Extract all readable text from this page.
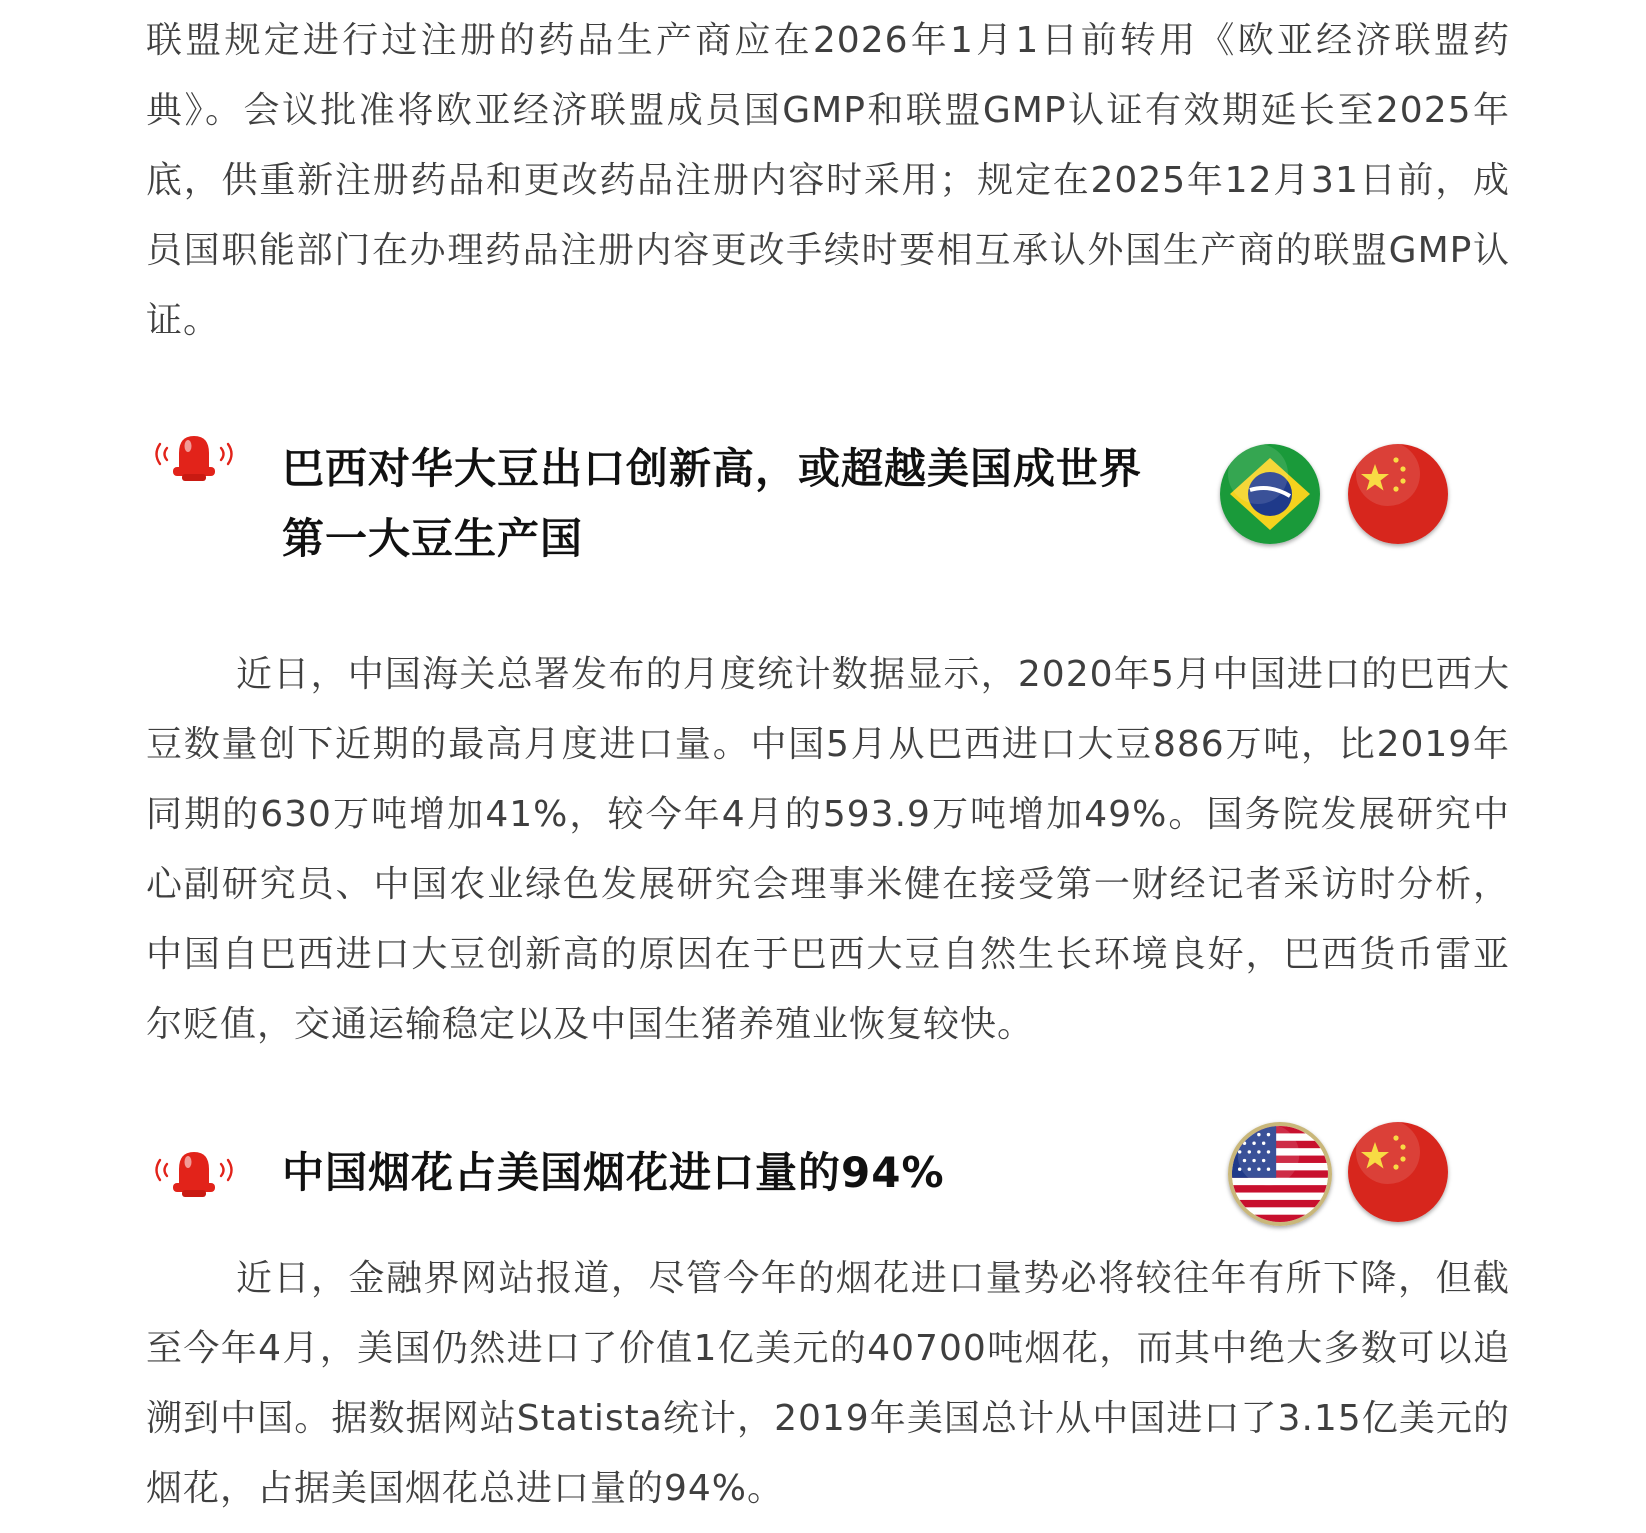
联盟规定进行过注册的药品生产商应在2026年1月1日前转用《欧亚经济联盟药典》。会议批准将欧亚经济联盟成员国GMP和联盟GMP认证有效期延长至2025年底，供重新注册药品和更改药品注册内容时采用；规定在2025年12月31日前，成员国职能部门在办理药品注册内容更改手续时要相互承认外国生产商的联盟GMP认证。

巴西对华大豆出口创新高，或超越美国成世界
第一大豆生产国

近日，中国海关总署发布的月度统计数据显示，2020年5月中国进口的巴西大豆数量创下近期的最高月度进口量。中国5月从巴西进口大豆886万吨，比2019年同期的630万吨增加41%，较今年4月的593.9万吨增加49%。国务院发展研究中心副研究员、中国农业绿色发展研究会理事米健在接受第一财经记者采访时分析，中国自巴西进口大豆创新高的原因在于巴西大豆自然生长环境良好，巴西货币雷亚尔贬值，交通运输稳定以及中国生猪养殖业恢复较快。

中国烟花占美国烟花进口量的94%

近日，金融界网站报道，尽管今年的烟花进口量势必将较往年有所下降，但截至今年4月，美国仍然进口了价值1亿美元的40700吨烟花，而其中绝大多数可以追溯到中国。据数据网站Statista统计，2019年美国总计从中国进口了3.15亿美元的烟花，占据美国烟花总进口量的94%。
